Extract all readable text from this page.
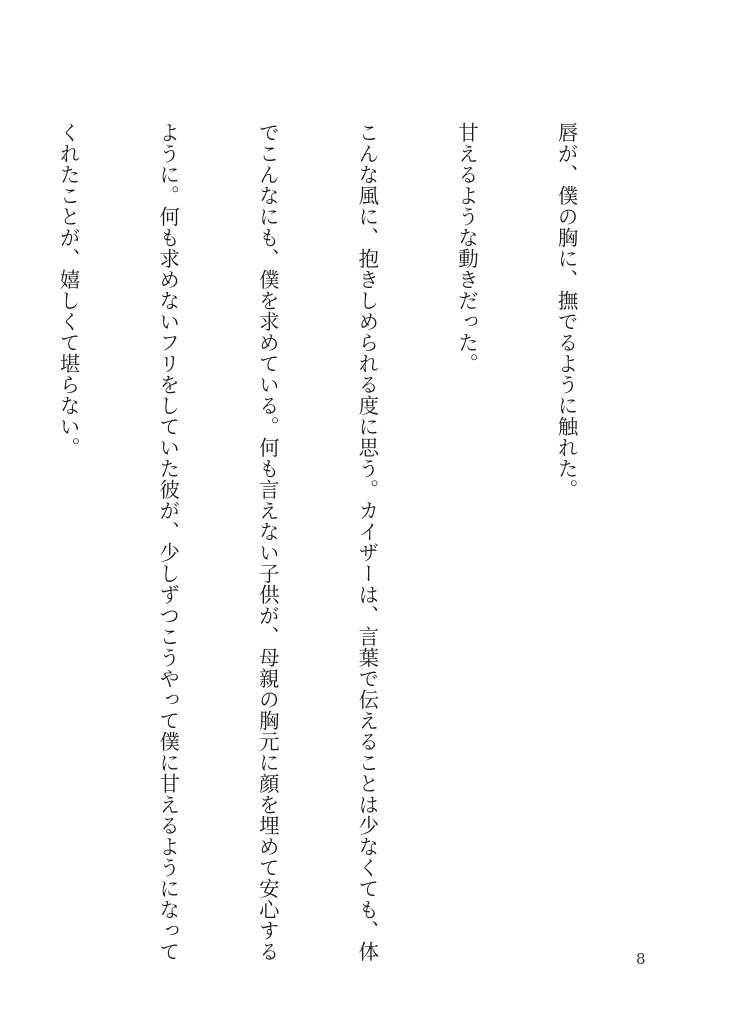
唇が、僕の胸に、撫でるように触れた。

甘えるような動きだった。

こんな風に、抱きしめられる度に思う。カイザーは、言葉で伝えることは少なくても、体

でこんなにも、僕を求めている。何も言えない子供が、母親の胸元に顔を埋めて安心する

ように。何も求めないフリをしていた彼が、少しずつこうやって僕に甘えるようになって

くれたことが、嬉しくて堪らない。

8
